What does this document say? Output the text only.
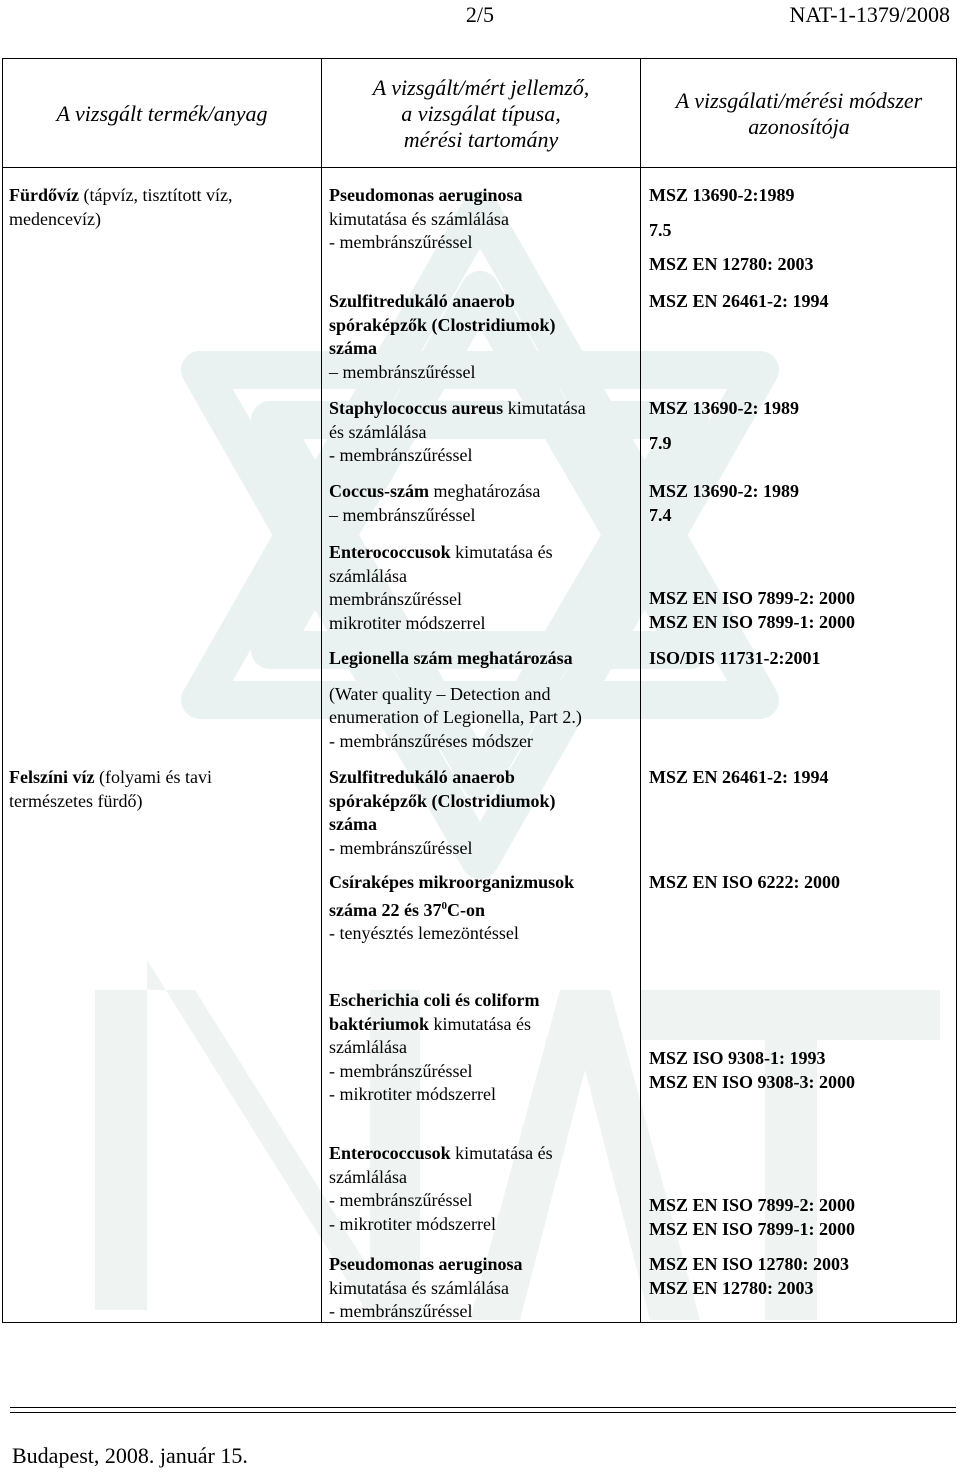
2/5	NAT-1-1379/2008
A vizsgált termék/anyag
A vizsgált/mért jellemző,
a vizsgálat típusa,
mérési tartomány
A vizsgálati/mérési módszer
azonosítója
Fürdővíz (tápvíz, tisztított víz,
medencevíz)
Felszíni víz (folyami és tavi
természetes fürdő)
Pseudomonas aeruginosa
kimutatása és számlálása
- membránszűréssel
Szulfitredukáló anaerob
spóraképzők (Clostridiumok)
száma
– membránszűréssel
Staphylococcus aureus kimutatása
és számlálása
- membránszűréssel
Coccus-szám meghatározása
– membránszűréssel
Enterococcusok kimutatása és
számlálása
membránszűréssel
mikrotiter módszerrel
Legionella szám meghatározása
(Water quality – Detection and
enumeration of Legionella, Part 2.)
- membránszűréses módszer
Szulfitredukáló anaerob
spóraképzők (Clostridiumok)
száma
- membránszűréssel
Csíraképes mikroorganizmusok
száma 22 és $37^0C-on$
- tenyésztés lemezöntéssel
Escherichia coli és coliform
baktériumok kimutatása és
számlálása
- membránszűréssel
- mikrotiter módszerrel
Enterococcusok kimutatása és
számlálása
- membránszűréssel
- mikrotiter módszerrel
Pseudomonas aeruginosa
kimutatása és számlálása
- membránszűréssel
MSZ 13690-2:1989
7.5
MSZ EN 12780: 2003
MSZ EN 26461-2: 1994
MSZ 13690-2: 1989
7.9
MSZ 13690-2: 1989
7.4
MSZ EN ISO 7899-2: 2000
MSZ EN ISO 7899-1: 2000
ISO/DIS 11731-2:2001
MSZ EN 26461-2: 1994
MSZ EN ISO 6222: 2000
MSZ ISO 9308-1: 1993
MSZ EN ISO 9308-3: 2000
MSZ EN ISO 7899-2: 2000
MSZ EN ISO 7899-1: 2000
MSZ EN ISO 12780: 2003
MSZ EN 12780: 2003
Budapest, 2008. január 15.
